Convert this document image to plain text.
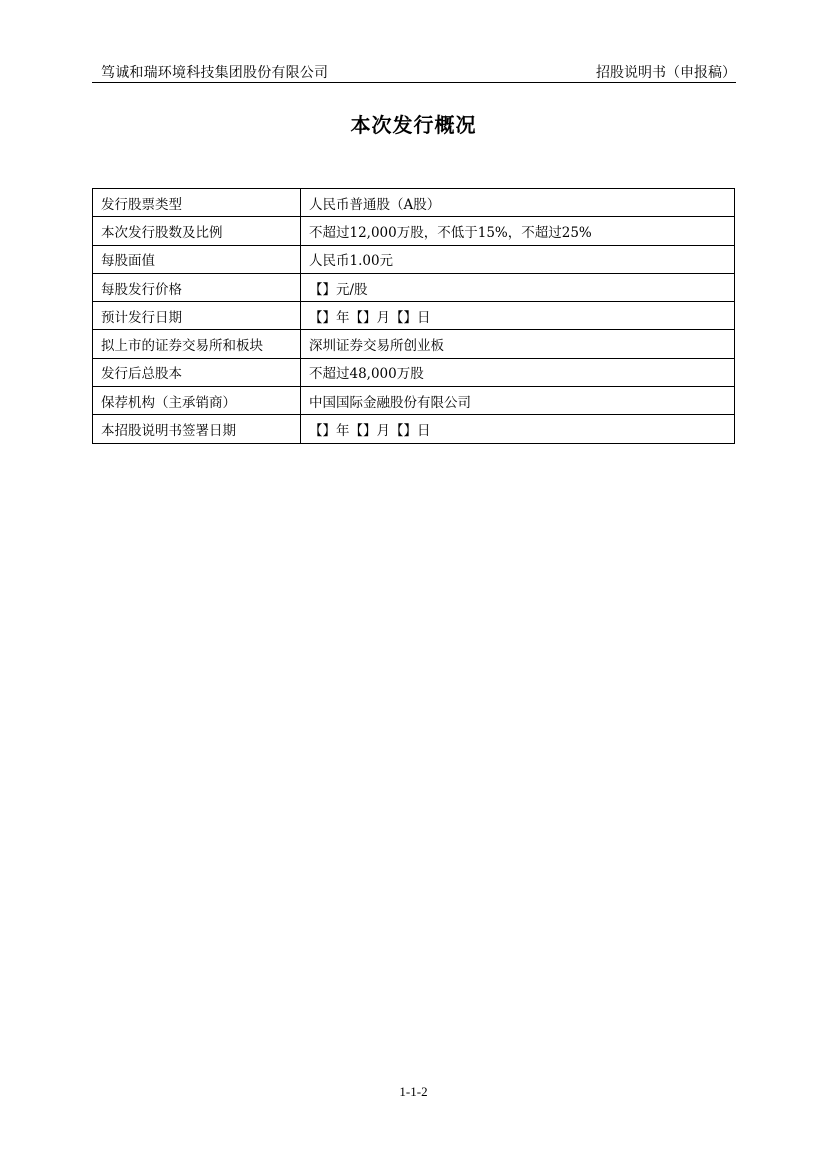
笃诚和瑞环境科技集团股份有限公司	招股说明书（申报稿）
本次发行概况
发行股票类型	人民币普通股（A股）
本次发行股数及比例	不超过12,000万股，不低于15%，不超过25%
每股面值	人民币1.00元
每股发行价格	【】元/股
预计发行日期	【】年【】月【】日
拟上市的证券交易所和板块	深圳证券交易所创业板
发行后总股本	不超过48,000万股
保荐机构（主承销商）	中国国际金融股份有限公司
本招股说明书签署日期	【】年【】月【】日
1-1-2
